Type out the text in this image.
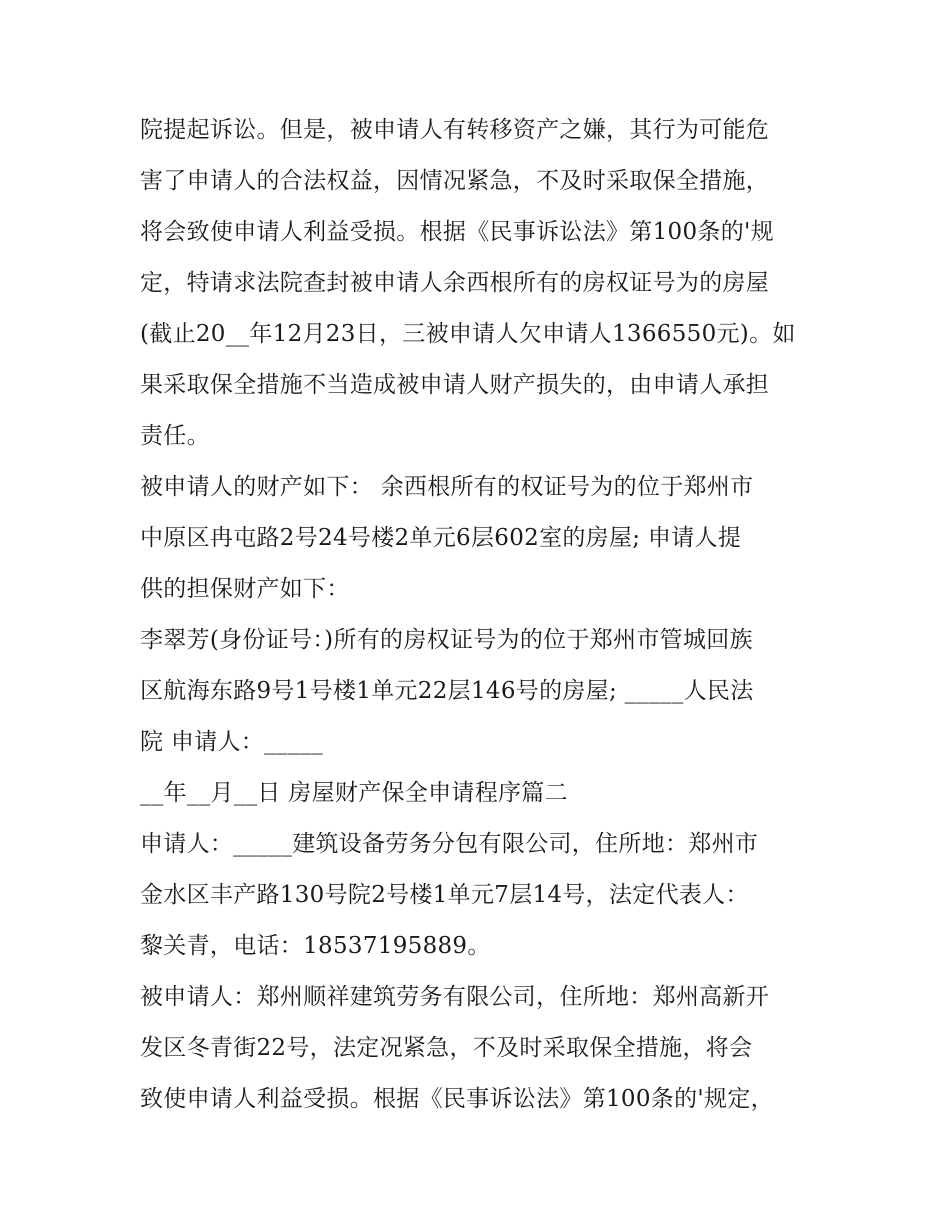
院提起诉讼。但是，被申请人有转移资产之嫌，其行为可能危
害了申请人的合法权益，因情况紧急，不及时采取保全措施，
将会致使申请人利益受损。根据《民事诉讼法》第100条的'规
定，特请求法院查封被申请人余西根所有的房权证号为的房屋
(截止20__年12月23日，三被申请人欠申请人1366550元)。如
果采取保全措施不当造成被申请人财产损失的，由申请人承担
责任。
被申请人的财产如下： 余西根所有的权证号为的位于郑州市
中原区冉屯路2号24号楼2单元6层602室的房屋; 申请人提
供的担保财产如下：
李翠芳(身份证号：)所有的房权证号为的位于郑州市管城回族
区航海东路9号1号楼1单元22层146号的房屋; _____人民法
院 申请人：_____
__年__月__日 房屋财产保全申请程序篇二
申请人：_____建筑设备劳务分包有限公司，住所地：郑州市
金水区丰产路130号院2号楼1单元7层14号，法定代表人：
黎关青，电话：18537195889。
被申请人：郑州顺祥建筑劳务有限公司，住所地：郑州高新开
发区冬青街22号，法定况紧急，不及时采取保全措施，将会
致使申请人利益受损。根据《民事诉讼法》第100条的'规定，
